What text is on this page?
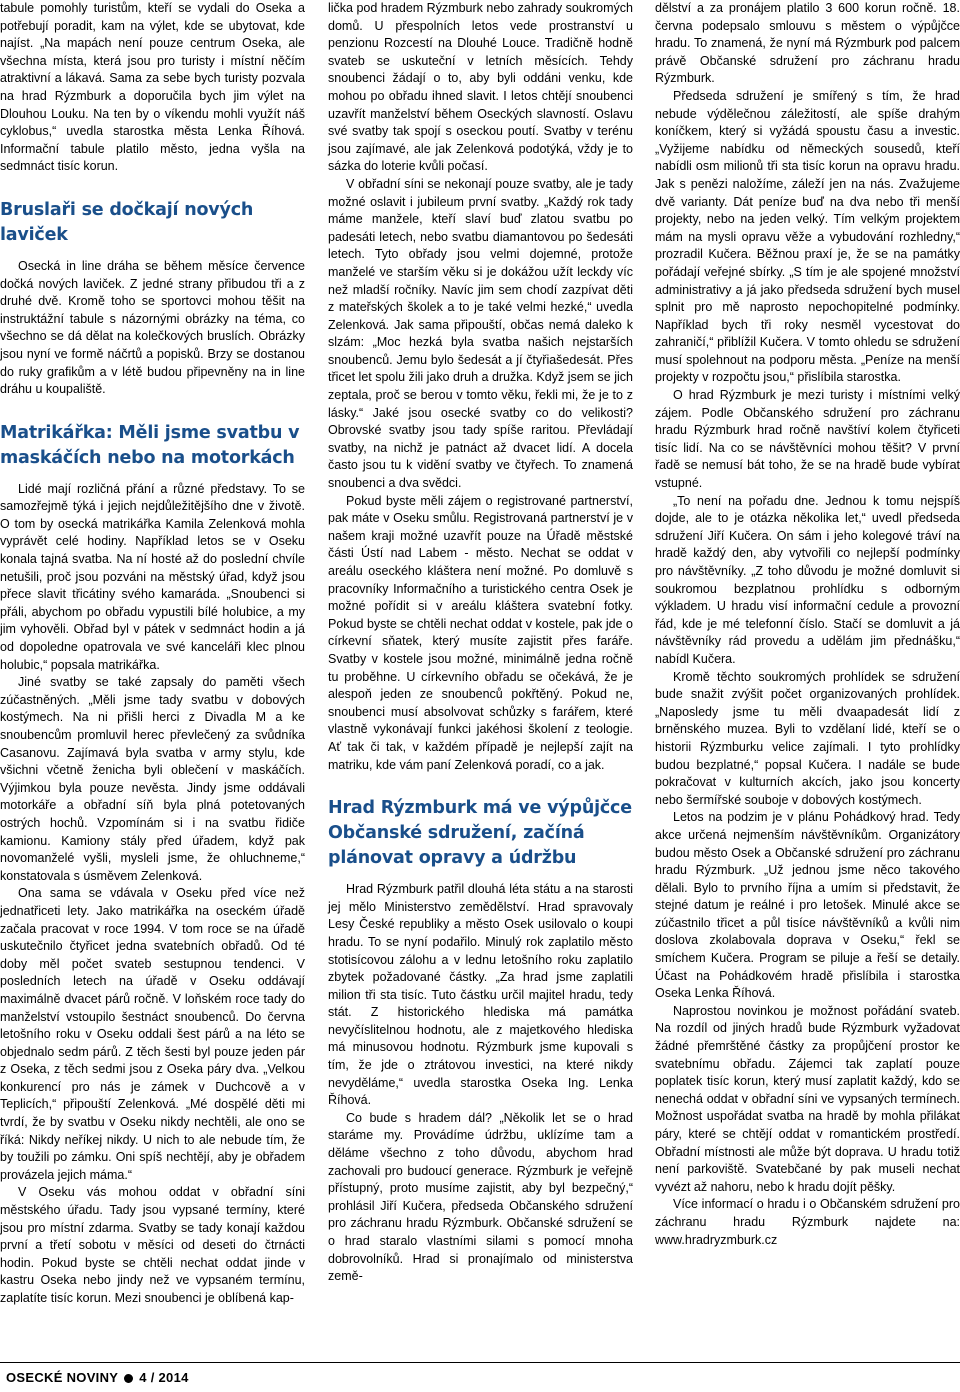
tabule pomohly turistům, kteří se vydali do Oseka a potřebují poradit, kam na výlet, kde se ubytovat, kde najíst. „Na mapách není pouze centrum Oseka, ale všechna místa, která jsou pro turisty i místní něčím atraktivní a lákavá. Sama za sebe bych turisty pozvala na hrad Rýzmburk a doporučila bych jim výlet na Dlouhou Louku. Na ten by o víkendu mohli využít náš cyklobus,“ uvedla starostka města Lenka Říhová. Informační tabule platilo město, jedna vyšla na sedmnáct tisíc korun.

Bruslaři se dočkají nových laviček

Osecká in line dráha se během měsíce července dočká nových laviček. Z jedné strany přibudou tři a z druhé dvě. Kromě toho se sportovci mohou těšit na instruktážní tabule s názornými obrázky na téma, co všechno se dá dělat na kolečkových bruslích. Obrázky jsou nyní ve formě náčrtů a popisků. Brzy se dostanou do ruky grafikům a v létě budou připevněny na in line dráhu u koupaliště.

Matrikářka: Měli jsme svatbu v maskáčích nebo na motorkách

Lidé mají rozličná přání a různé představy. To se samozřejmě týká i jejich nejdůležitějšího dne v životě. O tom by osecká matrikářka Kamila Zelenková mohla vyprávět celé hodiny. Například letos se v Oseku konala tajná svatba. Na ní hosté až do poslední chvíle netušili, proč jsou pozváni na městský úřad, když jsou přece slavit třicátiny svého kamaráda. „Snoubenci si přáli, abychom po obřadu vypustili bílé holubice, a my jim vyhověli. Obřad byl v pátek v sedmnáct hodin a já od dopoledne opatrovala ve své kanceláři klec plnou holubic,“ popsala matrikářka.

Jiné svatby se také zapsaly do paměti všech zúčastněných. „Měli jsme tady svatbu v dobových kostýmech. Na ni přišli herci z Divadla M a ke snoubencům promluvil herec převlečený za svůdníka Casanovu. Zajímavá byla svatba v army stylu, kde všichni včetně ženicha byli oblečení v maskáčích. Výjimkou byla pouze nevěsta. Jindy jsme oddávali motorkáře a obřadní síň byla plná potetovaných ostrých hochů. Vzpomínám si i na svatbu řidiče kamionu. Kamiony stály před úřadem, když pak novomanželé vyšli, mysleli jsme, že ohluchneme,“ konstatovala s úsměvem Zelenková.

Ona sama se vdávala v Oseku před více než jednatřiceti lety. Jako matrikářka na oseckém úřadě začala pracovat v roce 1994. V tom roce se na úřadě uskutečnilo čtyřicet jedna svatebních obřadů. Od té doby měl počet svateb sestupnou tendenci. V posledních letech na úřadě v Oseku oddávají maximálně dvacet párů ročně. V loňském roce tady do manželství vstoupilo šestnáct snoubenců. Do června letošního roku v Oseku oddali šest párů a na léto se objednalo sedm párů. Z těch šesti byl pouze jeden pár z Oseka, z těch sedmi jsou z Oseka páry dva. „Velkou konkurencí pro nás je zámek v Duchcově a v Teplicích,“ připouští Zelenková. „Mé dospělé děti mi tvrdí, že by svatbu v Oseku nikdy nechtěli, ale ono se říká: Nikdy neříkej nikdy. U nich to ale nebude tím, že by toužili po zámku. Oni spíš nechtějí, aby je obřadem provázela jejich máma.“

V Oseku vás mohou oddat v obřadní síni městského úřadu. Tady jsou vypsané termíny, které jsou pro místní zdarma. Svatby se tady konají každou první a třetí sobotu v měsíci od deseti do čtrnácti hodin. Pokud byste se chtěli nechat oddat jinde v kastru Oseka nebo jindy než ve vypsaném termínu, zaplatíte tisíc korun. Mezi snoubenci je oblíbená kap-

lička pod hradem Rýzmburk nebo zahrady soukromých domů. U přespolních letos vede prostranství u penzionu Rozcestí na Dlouhé Louce. Tradičně hodně svateb se uskuteční v letních měsících. Tehdy snoubenci žádají o to, aby byli oddáni venku, kde mohou po obřadu ihned slavit. I letos chtějí snoubenci uzavřít manželství během Oseckých slavností. Oslavu své svatby tak spojí s oseckou poutí. Svatby v terénu jsou zajímavé, ale jak Zelenková podotýká, vždy je to sázka do loterie kvůli počasí.

V obřadní síni se nekonají pouze svatby, ale je tady možné oslavit i jubileum první svatby. „Každý rok tady máme manžele, kteří slaví buď zlatou svatbu po padesáti letech, nebo svatbu diamantovou po šedesáti letech. Tyto obřady jsou velmi dojemné, protože manželé ve starším věku si je dokážou užít leckdy víc než mladší ročníky. Navíc jim sem chodí zazpívat děti z mateřských školek a to je také velmi hezké,“ uvedla Zelenková. Jak sama připouští, občas nemá daleko k slzám: „Moc hezká byla svatba našich nejstarších snoubenců. Jemu bylo šedesát a jí čtyřiašedesát. Přes třicet let spolu žili jako druh a družka. Když jsem se jich zeptala, proč se berou v tomto věku, řekli mi, že je to z lásky.“ Jaké jsou osecké svatby co do velikosti? Obrovské svatby jsou tady spíše raritou. Převládají svatby, na nichž je patnáct až dvacet lidí. A docela často jsou tu k vidění svatby ve čtyřech. To znamená snoubenci a dva svědci.

Pokud byste měli zájem o registrované partnerství, pak máte v Oseku smůlu. Registrovaná partnerství je v našem kraji možné uzavřít pouze na Úřadě městské části Ústí nad Labem - město. Nechat se oddat v areálu oseckého kláštera není možné. Po domluvě s pracovníky Informačního a turistického centra Osek je možné pořídit si v areálu kláštera svatební fotky. Pokud byste se chtěli nechat oddat v kostele, pak jde o církevní sňatek, který musíte zajistit přes faráře. Svatby v kostele jsou možné, minimálně jedna ročně tu proběhne. U církevního obřadu se očekává, že je alespoň jeden ze snoubenců pokřtěný. Pokud ne, snoubenci musí absolvovat schůzky s farářem, které vlastně vykonávají funkci jakéhosi školení z teologie. Ať tak či tak, v každém případě je nejlepší zajít na matriku, kde vám paní Zelenková poradí, co a jak.

Hrad Rýzmburk má ve výpůjčce Občanské sdružení, začíná plánovat opravy a údržbu

Hrad Rýzmburk patřil dlouhá léta státu a na starosti jej mělo Ministerstvo zemědělství. Hrad spravovaly Lesy České republiky a město Osek usilovalo o koupi hradu. To se nyní podařilo. Minulý rok zaplatilo město stotisícovou zálohu a v lednu letošního roku zaplatilo zbytek požadované částky. „Za hrad jsme zaplatili milion tři sta tisíc. Tuto částku určil majitel hradu, tedy stát. Z historického hlediska má památka nevyčíslitelnou hodnotu, ale z majetkového hlediska má minusovou hodnotu. Rýzmburk jsme kupovali s tím, že jde o ztrátovou investici, na které nikdy nevyděláme,“ uvedla starostka Oseka Ing. Lenka Říhová.

Co bude s hradem dál? „Několik let se o hrad staráme my. Provádíme údržbu, uklízíme tam a děláme všechno z toho důvodu, abychom hrad zachovali pro budoucí generace. Rýzmburk je veřejně přístupný, proto musíme zajistit, aby byl bezpečný,“ prohlásil Jiří Kučera, předseda Občanského sdružení pro záchranu hradu Rýzmburk. Občanské sdružení se o hrad staralo vlastními silami s pomocí mnoha dobrovolníků. Hrad si pronajímalo od ministerstva země-

dělství a za pronájem platilo 3 600 korun ročně. 18. června podepsalo smlouvu s městem o výpůjčce hradu. To znamená, že nyní má Rýzmburk pod palcem právě Občanské sdružení pro záchranu hradu Rýzmburk.

Předseda sdružení je smířený s tím, že hrad nebude výdělečnou záležitostí, ale spíše drahým koníčkem, který si vyžádá spoustu času a investic. „Vyžijeme nabídku od německých sousedů, kteří nabídli osm milionů tři sta tisíc korun na opravu hradu. Jak s penězi naložíme, záleží jen na nás. Zvažujeme dvě varianty. Dát peníze buď na dva nebo tři menší projekty, nebo na jeden velký. Tím velkým projektem mám na mysli opravu věže a vybudování rozhledny,“ prozradil Kučera. Běžnou praxí je, že se na památky pořádají veřejné sbírky. „S tím je ale spojené množství administrativy a já jako předseda sdružení bych musel splnit pro mě naprosto nepochopitelné podmínky. Například bych tři roky nesměl vycestovat do zahraničí,“ přiblížil Kučera. V tomto ohledu se sdružení musí spolehnout na podporu města. „Peníze na menší projekty v rozpočtu jsou,“ přislíbila starostka.

O hrad Rýzmburk je mezi turisty i místními velký zájem. Podle Občanského sdružení pro záchranu hradu Rýzmburk hrad ročně navštíví kolem čtyřiceti tisíc lidí. Na co se návštěvníci mohou těšit? V první řadě se nemusí bát toho, že se na hradě bude vybírat vstupné.

„To není na pořadu dne. Jednou k tomu nejspíš dojde, ale to je otázka několika let,“ uvedl předseda sdružení Jiří Kučera. On sám i jeho kolegové tráví na hradě každý den, aby vytvořili co nejlepší podmínky pro návštěvníky. „Z toho důvodu je možné domluvit si soukromou bezplatnou prohlídku s odborným výkladem. U hradu visí informační cedule a provozní řád, kde je mé telefonní číslo. Stačí se domluvit a já návštěvníky rád provedu a udělám jim přednášku,“ nabídl Kučera.

Kromě těchto soukromých prohlídek se sdružení bude snažit zvýšit počet organizovaných prohlídek. „Naposledy jsme tu měli dvaapadesát lidí z brněnského muzea. Byli to vzdělaní lidé, kteří se o historii Rýzmburku velice zajímali. I tyto prohlídky budou bezplatné,“ popsal Kučera. I nadále se bude pokračovat v kulturních akcích, jako jsou koncerty nebo šermířské souboje v dobových kostýmech.

Letos na podzim je v plánu Pohádkový hrad. Tedy akce určená nejmenším návštěvníkům. Organizátory budou město Osek a Občanské sdružení pro záchranu hradu Rýzmburk. „Už jednou jsme něco takového dělali. Bylo to prvního října a umím si představit, že stejné datum je reálné i pro letošek. Minulé akce se zúčastnilo třicet a půl tisíce návštěvníků a kvůli nim doslova zkolabovala doprava v Oseku,“ řekl se smíchem Kučera. Program se piluje a řeší se detaily. Účast na Pohádkovém hradě přislíbila i starostka Oseka Lenka Říhová.

Naprostou novinkou je možnost pořádání svateb. Na rozdíl od jiných hradů bude Rýzmburk vyžadovat žádné přemrštěné částky za propůjčení prostor ke svatebnímu obřadu. Zájemci tak zaplatí pouze poplatek tisíc korun, který musí zaplatit každý, kdo se nenechá oddat v obřadní síni ve vypsaných termínech. Možnost uspořádat svatba na hradě by mohla přilákat páry, které se chtějí oddat v romantickém prostředí. Obřadní místnosti ale může být doprava. U hradu totiž není parkoviště. Svatebčané by pak museli nechat vyvézt až nahoru, nebo k hradu dojít pěšky.

Více informací o hradu i o Občanském sdružení pro záchranu hradu Rýzmburk najdete na: www.hradryzmburk.cz

OSECKÉ NOVINY 4 / 2014
